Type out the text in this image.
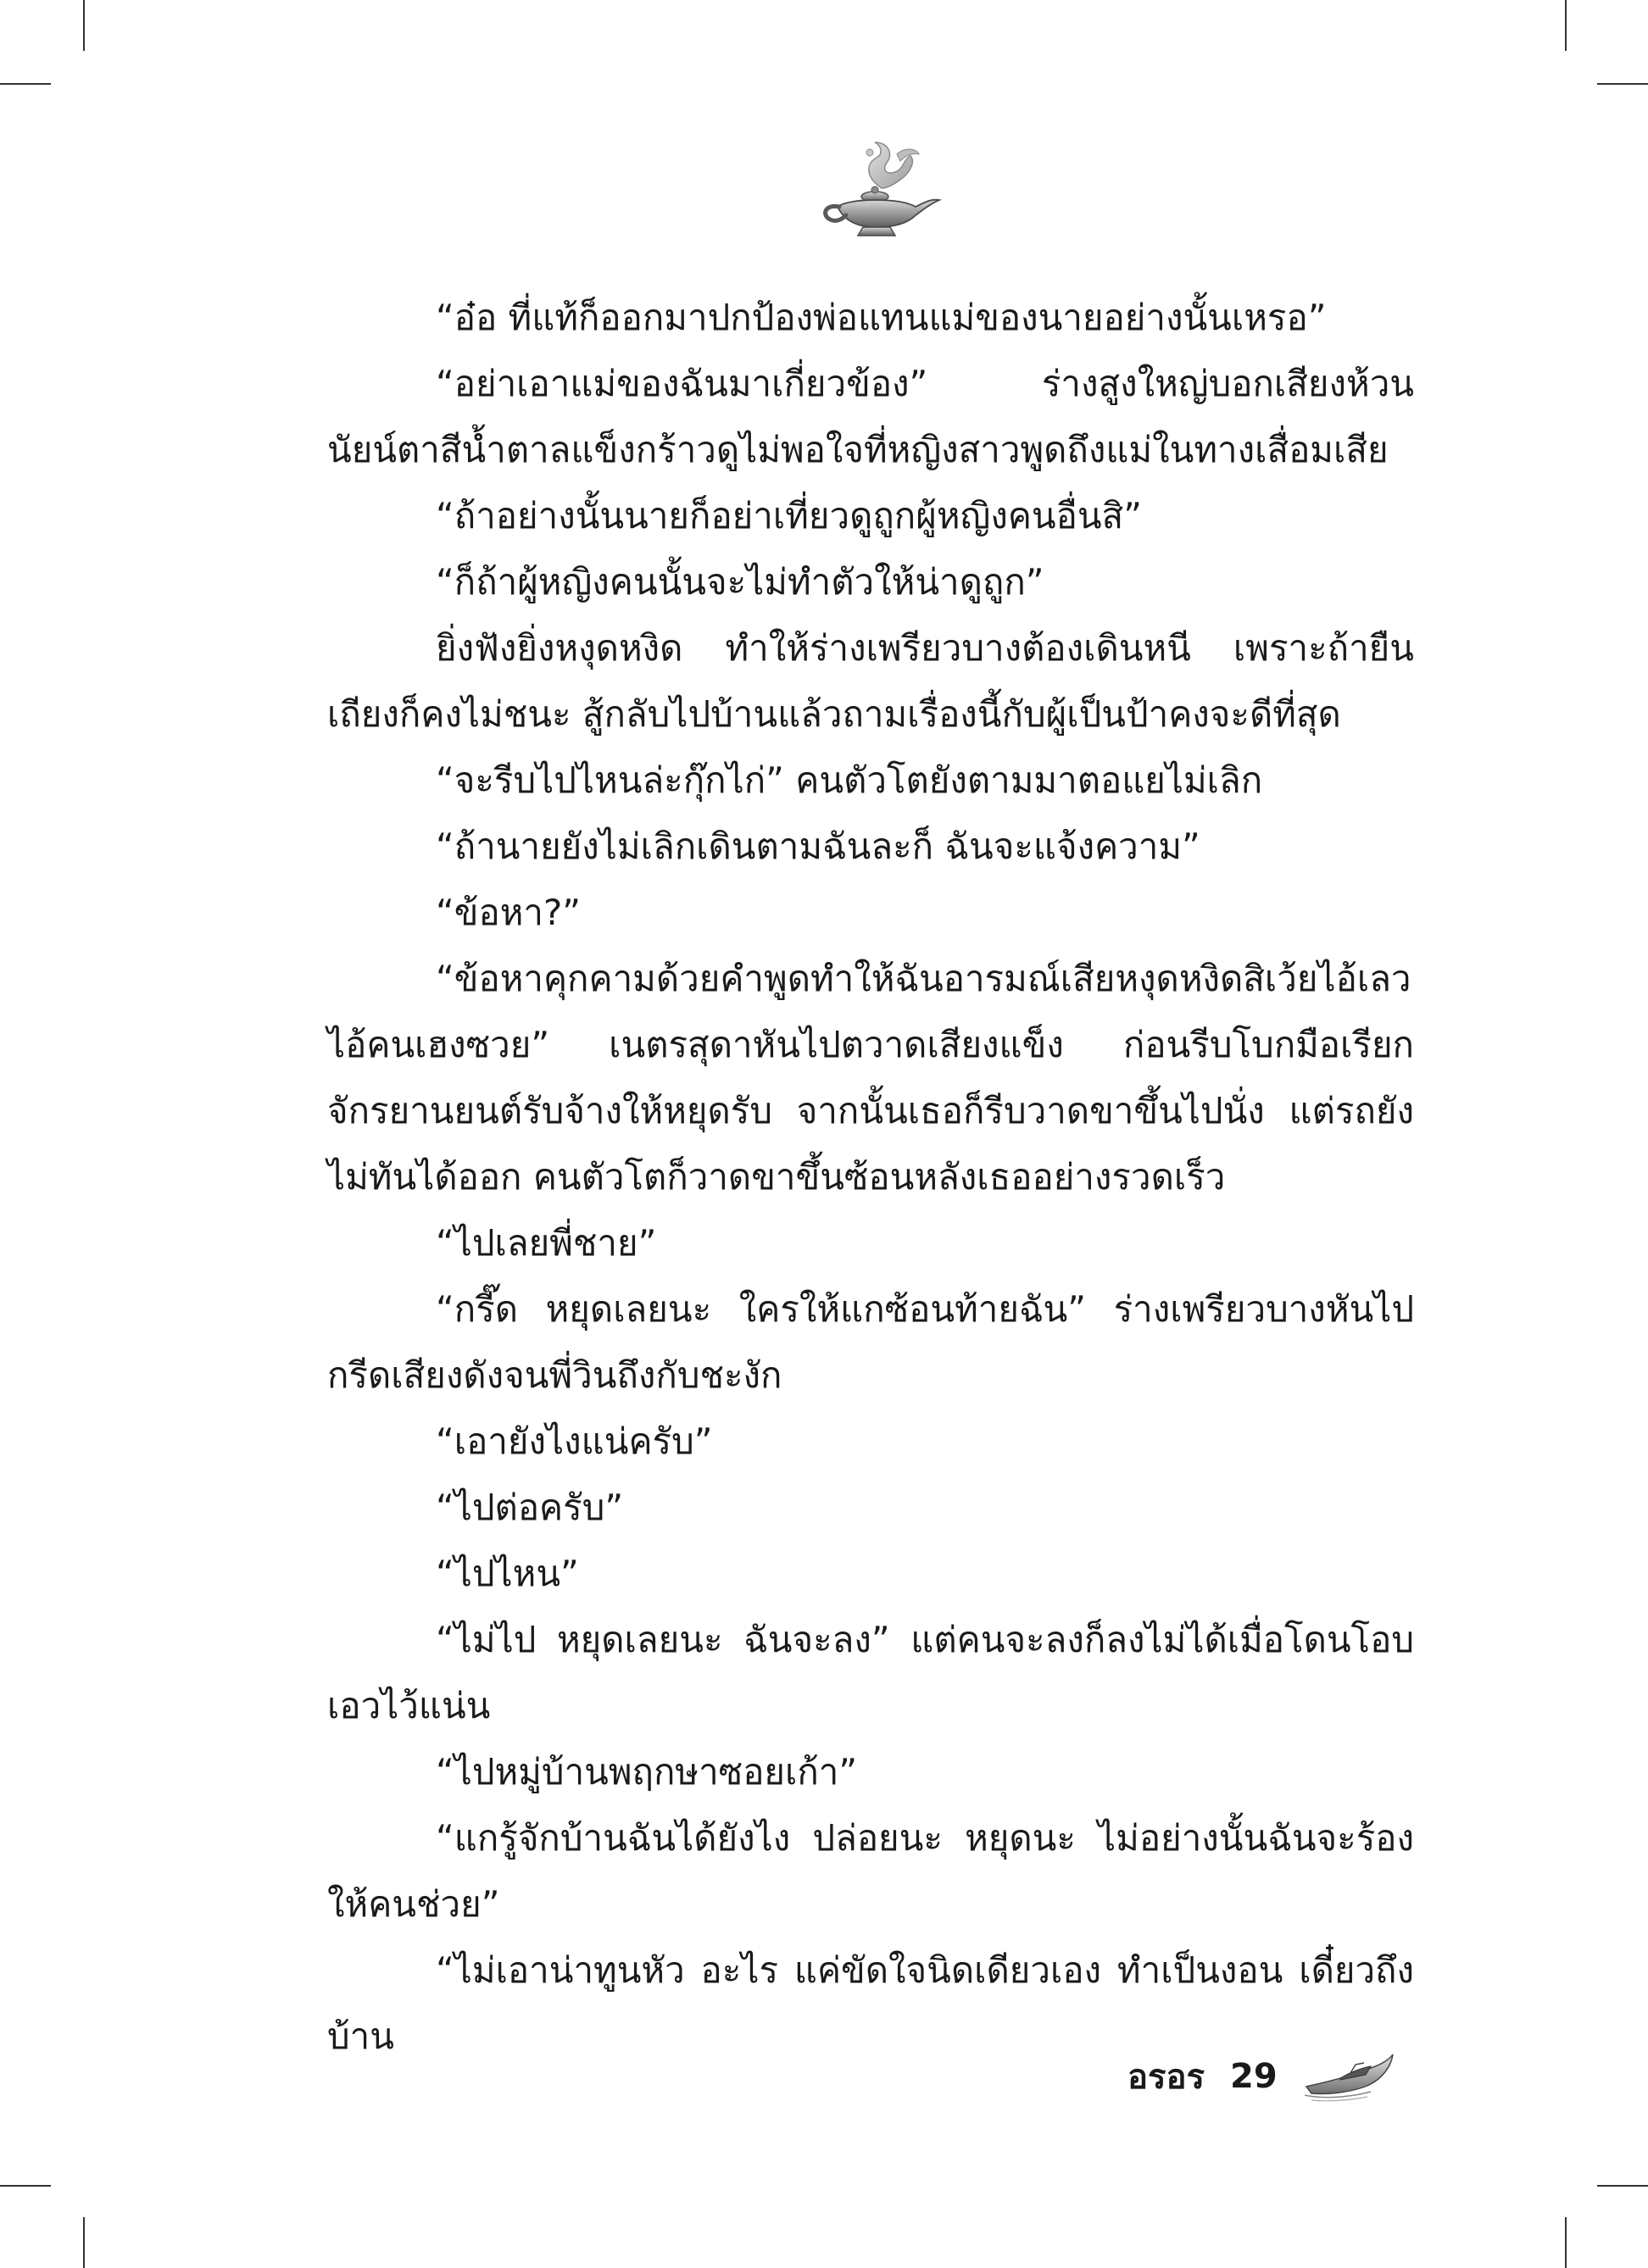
“อ๋อ ที่แท้ก็ออกมาปกป้องพ่อแทนแม่ของนายอย่างนั้นเหรอ”

“อย่าเอาแม่ของฉันมาเกี่ยวข้อง” ร่างสูงใหญ่บอกเสียงห้วน นัยน์ตาสีน้ำตาลแข็งกร้าวดูไม่พอใจที่หญิงสาวพูดถึงแม่ในทางเสื่อมเสีย

“ถ้าอย่างนั้นนายก็อย่าเที่ยวดูถูกผู้หญิงคนอื่นสิ”

“ก็ถ้าผู้หญิงคนนั้นจะไม่ทำตัวให้น่าดูถูก”

ยิ่งฟังยิ่งหงุดหงิด ทำให้ร่างเพรียวบางต้องเดินหนี เพราะถ้ายืนเถียงก็คงไม่ชนะ สู้กลับไปบ้านแล้วถามเรื่องนี้กับผู้เป็นป้าคงจะดีที่สุด

“จะรีบไปไหนล่ะกุ๊กไก่” คนตัวโตยังตามมาตอแยไม่เลิก

“ถ้านายยังไม่เลิกเดินตามฉันละก็ ฉันจะแจ้งความ”

“ข้อหา?”

“ข้อหาคุกคามด้วยคำพูดทำให้ฉันอารมณ์เสียหงุดหงิดสิเว้ยไอ้เลวไอ้คนเฮงซวย” เนตรสุดาหันไปตวาดเสียงแข็ง ก่อนรีบโบกมือเรียกจักรยานยนต์รับจ้างให้หยุดรับ จากนั้นเธอก็รีบวาดขาขึ้นไปนั่ง แต่รถยังไม่ทันได้ออก คนตัวโตก็วาดขาขึ้นซ้อนหลังเธออย่างรวดเร็ว

“ไปเลยพี่ชาย”

“กรี๊ด หยุดเลยนะ ใครให้แกซ้อนท้ายฉัน” ร่างเพรียวบางหันไปกรีดเสียงดังจนพี่วินถึงกับชะงัก

“เอายังไงแน่ครับ”

“ไปต่อครับ”

“ไปไหน”

“ไม่ไป หยุดเลยนะ ฉันจะลง” แต่คนจะลงก็ลงไม่ได้เมื่อโดนโอบเอวไว้แน่น

“ไปหมู่บ้านพฤกษาซอยเก้า”

“แกรู้จักบ้านฉันได้ยังไง ปล่อยนะ หยุดนะ ไม่อย่างนั้นฉันจะร้องให้คนช่วย”

“ไม่เอาน่าทูนหัว อะไร แค่ขัดใจนิดเดียวเอง ทำเป็นงอน เดี๋ยวถึงบ้าน

อรอร 29
